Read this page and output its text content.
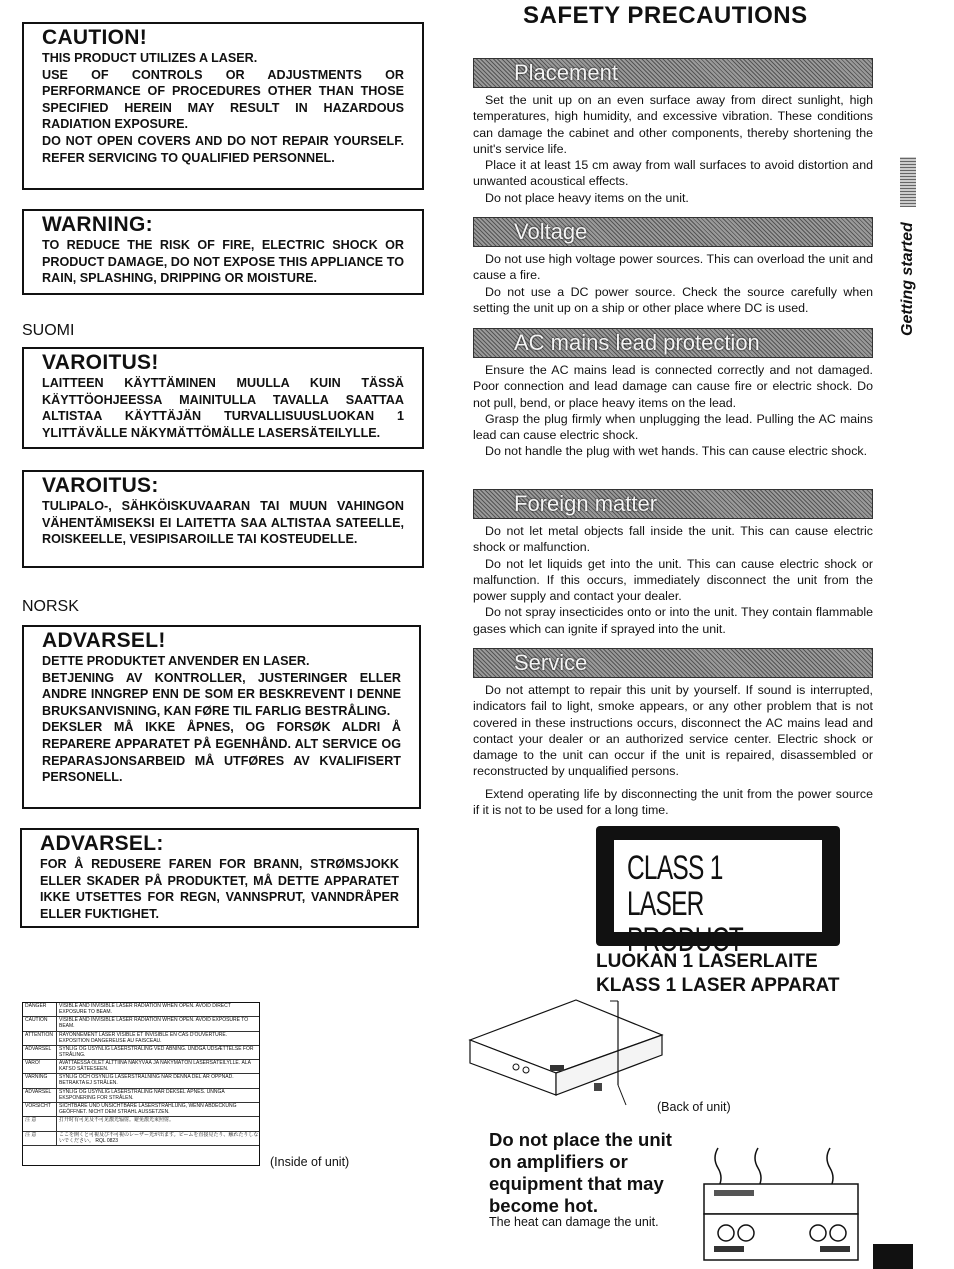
CAUTION!

THIS PRODUCT UTILIZES A LASER.
USE OF CONTROLS OR ADJUSTMENTS OR PERFORMANCE OF PROCEDURES OTHER THAN THOSE SPECIFIED HEREIN MAY RESULT IN HAZARDOUS RADIATION EXPOSURE.
DO NOT OPEN COVERS AND DO NOT REPAIR YOURSELF. REFER SERVICING TO QUALIFIED PERSONNEL.

WARNING:

TO REDUCE THE RISK OF FIRE, ELECTRIC SHOCK OR PRODUCT DAMAGE, DO NOT EXPOSE THIS APPLIANCE TO RAIN, SPLASHING, DRIPPING OR MOISTURE.

SUOMI
VAROITUS!

LAITTEEN KÄYTTÄMINEN MUULLA KUIN TÄSSÄ KÄYTTÖOHJEESSA MAINITULLA TAVALLA SAATTAA ALTISTAA KÄYTTÄJÄN TURVALLISUUSLUOKAN 1 YLITTÄVÄLLE NÄKYMÄTTÖMÄLLE LASERSÄTEILYLLE.

VAROITUS:

TULIPALO-, SÄHKÖISKUVAARAN TAI MUUN VAHINGON VÄHENTÄMISEKSI EI LAITETTA SAA ALTISTAA SATEELLE, ROISKEELLE, VESIPISAROILLE TAI KOSTEUDELLE.

NORSK
ADVARSEL!

DETTE PRODUKTET ANVENDER EN LASER.
BETJENING AV KONTROLLER, JUSTERINGER ELLER ANDRE INNGREP ENN DE SOM ER BESKREVENT I DENNE BRUKSANVISNING, KAN FØRE TIL FARLIG BESTRÅLING.
DEKSLER MÅ IKKE ÅPNES, OG FORSØK ALDRI Å REPARERE APPARATET PÅ EGENHÅND. ALT SERVICE OG REPARASJONSARBEID MÅ UTFØRES AV KVALIFISERT PERSONELL.

ADVARSEL:

FOR Å REDUSERE FAREN FOR BRANN, STRØMSJOKK ELLER SKADER PÅ PRODUKTET, MÅ DETTE APPARATET IKKE UTSETTES FOR REGN, VANNSPRUT, VANNDRÅPER ELLER FUKTIGHET.

DANGER	VISIBLE AND INVISIBLE LASER RADIATION WHEN OPEN. AVOID DIRECT EXPOSURE TO BEAM.
CAUTION	VISIBLE AND INVISIBLE LASER RADIATION WHEN OPEN. AVOID EXPOSURE TO BEAM.
ATTENTION	RAYONNEMENT LASER VISIBLE ET INVISIBLE EN CAS D'OUVERTURE. EXPOSITION DANGEREUSE AU FAISCEAU.
ADVARSEL	SYNLIG OG USYNLIG LASERSTRÅLING VED ÅBNING. UNDGÅ UDSÆTTELSE FOR STRÅLING.
VARO!	AVATTAESSA OLET ALTTIINA NÄKYVÄÄ JA NÄKYMÄTÖN LASERSÄTEILYLLE. ÄLÄ KATSO SÄTEESEEN.
VARNING	SYNLIG OCH OSYNLIG LASERSTRÅLNING NÄR DENNA DEL ÄR ÖPPNAD. BETRAKTA EJ STRÅLEN.
ADVARSEL	SYNLIG OG USYNLIG LASERSTRÅLING NÅR DEKSEL ÅPNES. UNNGÅ EKSPONERING FOR STRÅLEN.
VORSICHT	SICHTBARE UND UNSICHTBARE LASERSTRAHLUNG, WENN ABDECKUNG GEÖFFNET. NICHT DEM STRAHL AUSSETZEN.
注 意	打开时有可见及不可见激光辐射。避免激光束照射。
注 意	ここを開くと可視及び不可視のレーザー光が出ます。ビームを直接見たり、触れたりしないでください。 RQL 0823
(Inside of unit)
SAFETY PRECAUTIONS
Placement

Set the unit up on an even surface away from direct sunlight, high temperatures, high humidity, and excessive vibration. These conditions can damage the cabinet and other components, thereby shortening the unit's service life.

Place it at least 15 cm away from wall surfaces to avoid distortion and unwanted acoustical effects.

Do not place heavy items on the unit.

Voltage

Do not use high voltage power sources. This can overload the unit and cause a fire.

Do not use a DC power source. Check the source carefully when setting the unit up on a ship or other place where DC is used.

AC mains lead protection

Ensure the AC mains lead is connected correctly and not damaged. Poor connection and lead damage can cause fire or electric shock. Do not pull, bend, or place heavy items on the lead.

Grasp the plug firmly when unplugging the lead. Pulling the AC mains lead can cause electric shock.

Do not handle the plug with wet hands. This can cause electric shock.

Foreign matter

Do not let metal objects fall inside the unit. This can cause electric shock or malfunction.

Do not let liquids get into the unit. This can cause electric shock or malfunction. If this occurs, immediately disconnect the unit from the power supply and contact your dealer.

Do not spray insecticides onto or into the unit. They contain flammable gases which can ignite if sprayed into the unit.

Service

Do not attempt to repair this unit by yourself. If sound is interrupted, indicators fail to light, smoke appears, or any other problem that is not covered in these instructions occurs, disconnect the AC mains lead and contact your dealer or an authorized service center. Electric shock or damage to the unit can occur if the unit is repaired, disassembled or reconstructed by unqualified persons.

Extend operating life by disconnecting the unit from the power source if it is not to be used for a long time.

Getting started
CLASS 1
LASER PRODUCT
LUOKAN 1 LASERLAITE
KLASS 1 LASER APPARAT
(Back of unit)
Do not place the unit on amplifiers or equipment that may become hot.
The heat can damage the unit.
